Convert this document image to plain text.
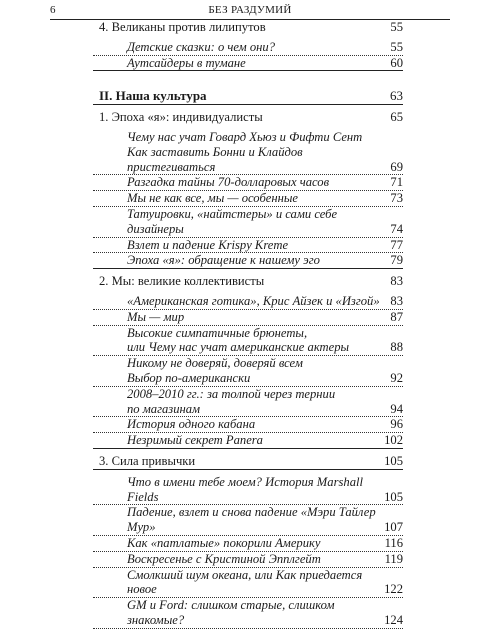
6	БЕЗ РАЗДУМИЙ
4. Великаны против лилипутов	55
Детские сказки: о чем они?	55
Аутсайдеры в тумане	60
II. Наша культура	63
1. Эпоха «я»: индивидуалисты	65
Чему нас учат Говард Хьюз и Фифти Сент
Как заставить Бонни и Клайдов
пристегиваться	69
Разгадка тайны 70-долларовых часов	71
Мы не как все, мы — особенные	73
Татуировки, «найтстеры» и сами себе
дизайнеры	74
Взлет и падение Krispy Kreme	77
Эпоха «я»: обращение к нашему эго	79
2. Мы: великие коллективисты	83
«Американская готика», Крис Айзек и «Изгой» 83
Мы — мир	87
Высокие симпатичные брюнеты,
или Чему нас учат американские актеры	88
Никому не доверяй, доверяй всем
Выбор по-американски	92
2008–2010 гг.: за толпой через тернии
по магазинам	94
История одного кабана	96
Незримый секрет Panera	102
3. Сила привычки	105
Что в имени тебе моем? История Marshall Fields	105
Падение, взлет и снова падение «Мэри Тайлер Мур»	107
Как «патлатые» покорили Америку	116
Воскресенье с Кристиной Эпплгейт	119
Смолкший шум океана, или Как приедается
новое	122
GM и Ford: слишком старые, слишком
знакомые?	124
